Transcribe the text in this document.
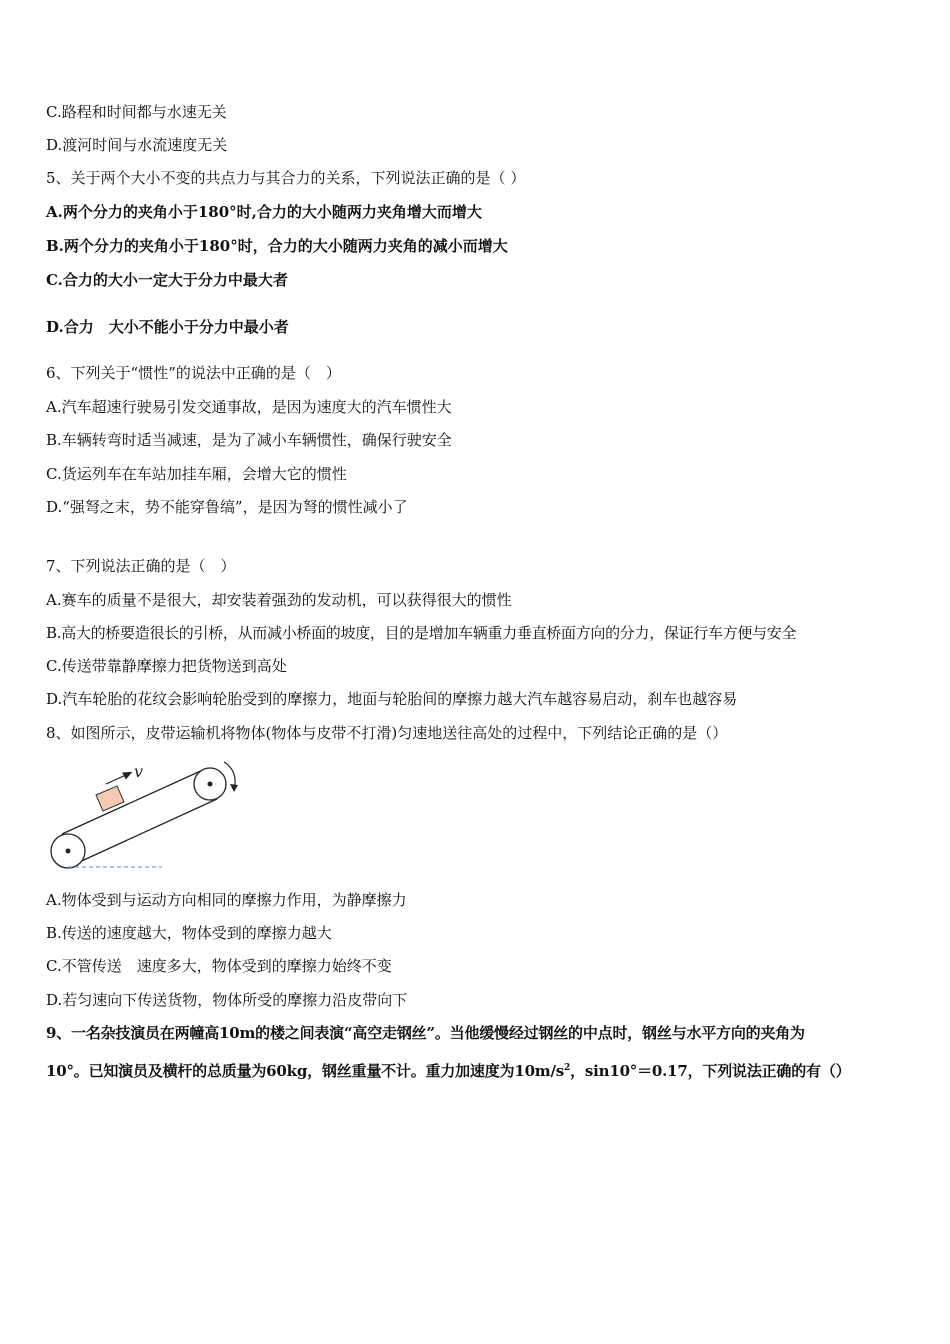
C.路程和时间都与水速无关
D.渡河时间与水流速度无关
5、关于两个大小不变的共点力与其合力的关系，下列说法正确的是（ ）
A.两个分力的夹角小于180°时,合力的大小随两力夹角增大而增大
B.两个分力的夹角小于180°时，合力的大小随两力夹角的减小而增大
C.合力的大小一定大于分力中最大者
D.合力　大小不能小于分力中最小者
6、下列关于“惯性”的说法中正确的是（　）
A.汽车超速行驶易引发交通事故，是因为速度大的汽车惯性大
B.车辆转弯时适当减速，是为了减小车辆惯性，确保行驶安全
C.货运列车在车站加挂车厢，会增大它的惯性
D.“强弩之末，势不能穿鲁缟”，是因为弩的惯性减小了
7、下列说法正确的是（　）
A.赛车的质量不是很大，却安装着强劲的发动机，可以获得很大的惯性
B.高大的桥要造很长的引桥，从而减小桥面的坡度，目的是增加车辆重力垂直桥面方向的分力，保证行车方便与安全
C.传送带靠静摩擦力把货物送到高处
D.汽车轮胎的花纹会影响轮胎受到的摩擦力，地面与轮胎间的摩擦力越大汽车越容易启动，刹车也越容易
8、如图所示，皮带运输机将物体(物体与皮带不打滑)匀速地送往高处的过程中，下列结论正确的是（）
v
A.物体受到与运动方向相同的摩擦力作用，为静摩擦力
B.传送的速度越大，物体受到的摩擦力越大
C.不管传送　速度多大，物体受到的摩擦力始终不变
D.若匀速向下传送货物，物体所受的摩擦力沿皮带向下
9、一名杂技演员在两幢高10m的楼之间表演“高空走钢丝”。当他缓慢经过钢丝的中点时，钢丝与水平方向的夹角为
10°。已知演员及横杆的总质量为60kg，钢丝重量不计。重力加速度为$10m/s^2$，sin10°＝0.17，下列说法正确的有（）
